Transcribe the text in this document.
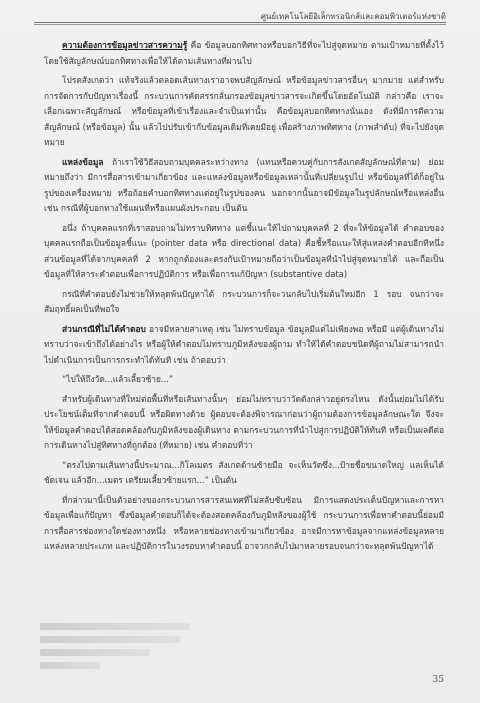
ศูนย์เทคโนโลยีอิเล็กทรอนิกส์และคอมพิวเตอร์แห่งชาติ

ความต้องการข้อมูลข่าวสารความรู้ คือ ข้อมูลบอกทิศทางหรือบอกวิธีที่จะไปสู่จุดหมาย ตามเป้าหมายที่ตั้งไว้ โดยใช้สัญลักษณ์บอกทิศทางเพื่อให้ได้ตามเส้นทางที่ผ่านไป

โปรดสังเกตว่า แท้จริงแล้วตลอดเส้นทางเราอาจพบสัญลักษณ์ หรือข้อมูลข่าวสารอื่นๆ มากมาย แต่สำหรับการจัดการกับปัญหาเรื่องนี้ กระบวนการคัดสรรกลั่นกรองข้อมูลข่าวสารจะเกิดขึ้นโดยอัตโนมัติ กล่าวคือ เราจะเลือกเฉพาะสัญลักษณ์ หรือข้อมูลที่เข้าเรื่องและจำเป็นเท่านั้น คือข้อมูลบอกทิศทางนั่นเอง ดังที่มีการตีความสัญลักษณ์ (หรือข้อมูล) นั้น แล้วไปปรับเข้ากับข้อมูลเดิมที่เคยมีอยู่ เพื่อสร้างภาพทิศทาง (ภาพลำดับ) ที่จะไปยังจุดหมาย

แหล่งข้อมูล ถ้าเราใช้วิธีสอบถามบุคคลระหว่างทาง (แทนหรือควบคู่กับการสังเกตสัญลักษณ์ที่ตาม) ย่อมหมายถึงว่า มีการสื่อสารเข้ามาเกี่ยวข้อง และแหล่งข้อมูลหรือข้อมูลเหล่านั้นที่เปลี่ยนรูปไป หรือข้อมูลที่ได้ก็อยู่ในรูปของเครื่องหมาย หรือถ้อยคำบอกทิศทางแต่อยู่ในรูปของคน นอกจากนั้นอาจมีข้อมูลในรูปลักษณ์หรือแหล่งอื่น เช่น กรณีที่ผู้บอกทางใช้แผนที่หรือแผนผังประกอบ เป็นต้น

อนึ่ง ถ้าบุคคลแรกที่เราสอบถามไม่ทราบทิศทาง แต่ชี้แนะให้ไปถามบุคคลที่ 2 ที่จะให้ข้อมูลได้ คำตอบของบุคคลแรกถือเป็นข้อมูลชี้แนะ (pointer data หรือ directional data) คือชี้หรือแนะให้สู่แหล่งคำตอบอีกทีหนึ่ง ส่วนข้อมูลที่ได้จากบุคคลที่ 2 หากถูกต้องและตรงกับเป้าหมายถือว่าเป็นข้อมูลที่นำไปสู่จุดหมายได้ และถือเป็นข้อมูลที่ให้สาระคำตอบเพื่อการปฏิบัติการ หรือเพื่อการแก้ปัญหา (substantive data)

กรณีที่คำตอบยังไม่ช่วยให้หลุดพ้นปัญหาได้ กระบวนการก็จะวนกลับไปเริ่มต้นใหม่อีก 1 รอบ จนกว่าจะสัมฤทธิ์ผลเป็นที่พอใจ

ส่วนกรณีที่ไม่ได้คำตอบ อาจมีหลายสาเหตุ เช่น ไม่ทราบข้อมูล ข้อมูลมีแต่ไม่เพียงพอ หรือมี แต่ผู้เดินทางไม่ทราบว่าจะเข้าถึงได้อย่างไร หรือผู้ให้คำตอบไม่ทราบภูมิหลังของผู้ถาม ทำให้ได้คำตอบชนิดที่ผู้ถามไม่สามารถนำไปดำเนินการเป็นการกระทำได้ทันที เช่น ถ้าตอบว่า

“ไปให้ถึงวัด...แล้วเลี้ยวซ้าย...”

สำหรับผู้เดินทางที่ใหม่ต่อพื้นที่หรือเส้นทางนั้นๆ ย่อมไม่ทราบว่าวัดดังกล่าวอยู่ตรงไหน ดังนั้นย่อมไม่ได้รับประโยชน์เต็มที่จากคำตอบนี้ หรือผิดทางด้วย ผู้ตอบจะต้องพิจารณาก่อนว่าผู้ถามต้องการข้อมูลลักษณะใด จึงจะให้ข้อมูลคำตอบได้สอดคล้องกับภูมิหลังของผู้เดินทาง ตามกระบวนการที่นำไปสู่การปฏิบัติให้ทันที หรือเป็นผลดีต่อการเดินทางไปสู่ทิศทางที่ถูกต้อง (ที่หมาย) เช่น คำตอบที่ว่า

“ตรงไปตามเส้นทางนี้ประมาณ...กิโลเมตร สังเกตด้านซ้ายมือ จะเห็นวัดซึ่ง...ป้ายชื่อขนาดใหญ่ แลเห็นได้ชัดเจน แล้วอีก...เมตร เตรียมเลี้ยวซ้ายแรก...” เป็นต้น

ที่กล่าวมานี้เป็นตัวอย่างของกระบวนการสารสนเทศที่ไม่สลับซับซ้อน มีการแสดงประเด็นปัญหาและการหาข้อมูลเพื่อแก้ปัญหา ซึ่งข้อมูลคำตอบก็ได้จะต้องสอดคล้องกับภูมิหลังของผู้ใช้ กระบวนการเพื่อหาคำตอบนี้ย่อมมีการสื่อสารช่องทางใดช่องทางหนึ่ง หรือหลายช่องทางเข้ามาเกี่ยวข้อง อาจมีการหาข้อมูลจากแหล่งข้อมูลหลายแหล่งหลายประเภท และปฏิบัติการในวงรอบหาคำตอบนี้ อาจวกกลับไปมาหลายรอบจนกว่าจะหลุดพ้นปัญหาได้

35
